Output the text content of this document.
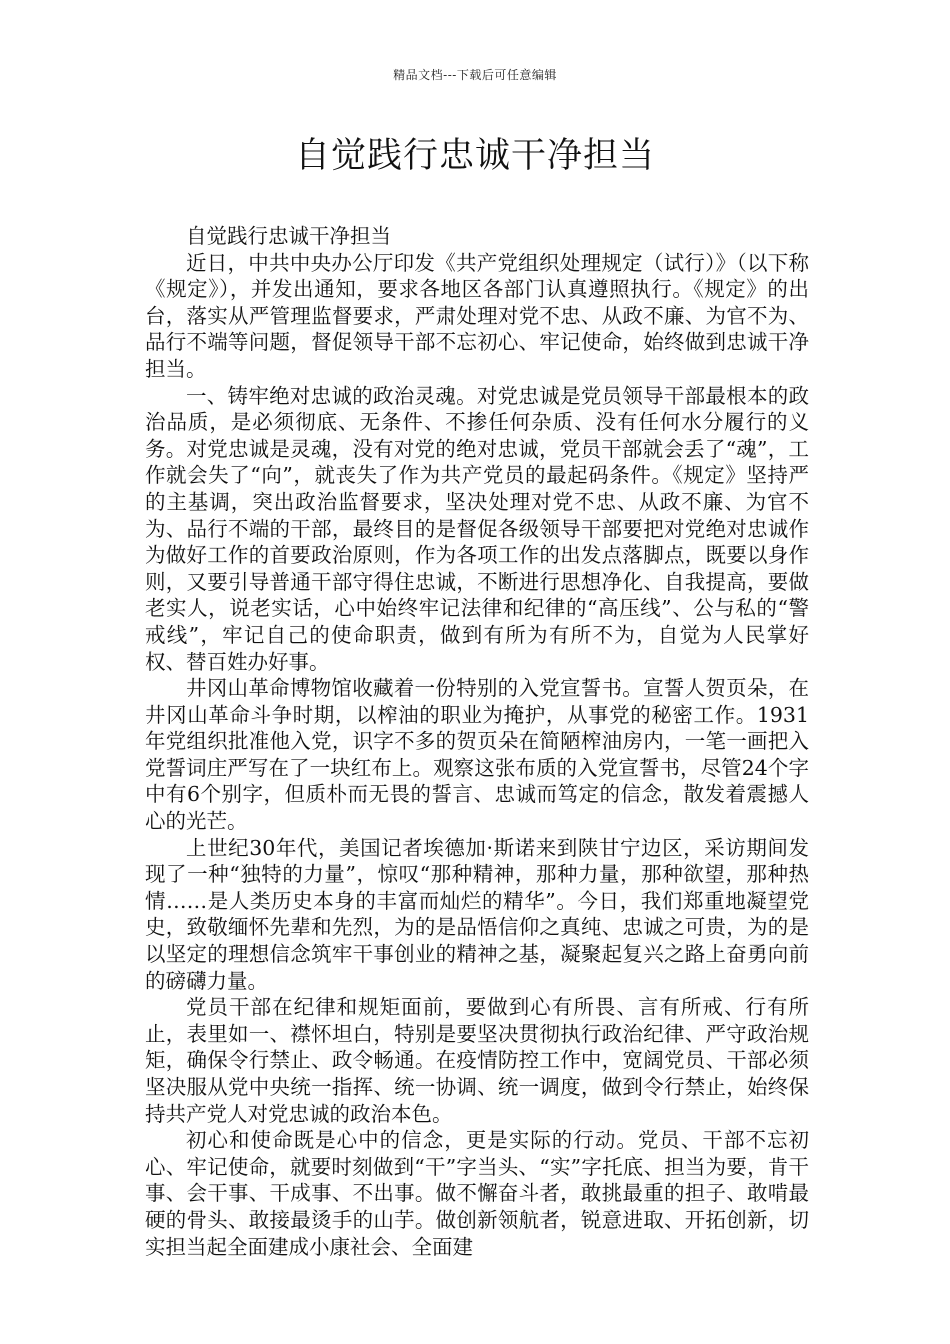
精品文档---下载后可任意编辑
自觉践行忠诚干净担当

自觉践行忠诚干净担当

近日，中共中央办公厅印发《共产党组织处理规定（试行）》（以下称《规定》），并发出通知，要求各地区各部门认真遵照执行。《规定》的出台，落实从严管理监督要求，严肃处理对党不忠、从政不廉、为官不为、品行不端等问题，督促领导干部不忘初心、牢记使命，始终做到忠诚干净担当。

一、铸牢绝对忠诚的政治灵魂。对党忠诚是党员领导干部最根本的政治品质，是必须彻底、无条件、不掺任何杂质、没有任何水分履行的义务。对党忠诚是灵魂，没有对党的绝对忠诚，党员干部就会丢了“魂”，工作就会失了“向”，就丧失了作为共产党员的最起码条件。《规定》坚持严的主基调，突出政治监督要求，坚决处理对党不忠、从政不廉、为官不为、品行不端的干部，最终目的是督促各级领导干部要把对党绝对忠诚作为做好工作的首要政治原则，作为各项工作的出发点落脚点，既要以身作则，又要引导普通干部守得住忠诚，不断进行思想净化、自我提高，要做老实人，说老实话，心中始终牢记法律和纪律的“高压线”、公与私的“警戒线”，牢记自己的使命职责，做到有所为有所不为，自觉为人民掌好权、替百姓办好事。

井冈山革命博物馆收藏着一份特别的入党宣誓书。宣誓人贺页朵，在井冈山革命斗争时期，以榨油的职业为掩护，从事党的秘密工作。1931年党组织批准他入党，识字不多的贺页朵在简陋榨油房内，一笔一画把入党誓词庄严写在了一块红布上。观察这张布质的入党宣誓书，尽管24个字中有6个别字，但质朴而无畏的誓言、忠诚而笃定的信念，散发着震撼人心的光芒。

上世纪30年代，美国记者埃德加·斯诺来到陕甘宁边区，采访期间发现了一种“独特的力量”，惊叹“那种精神，那种力量，那种欲望，那种热情……是人类历史本身的丰富而灿烂的精华”。今日，我们郑重地凝望党史，致敬缅怀先辈和先烈，为的是品悟信仰之真纯、忠诚之可贵，为的是以坚定的理想信念筑牢干事创业的精神之基，凝聚起复兴之路上奋勇向前的磅礴力量。

党员干部在纪律和规矩面前，要做到心有所畏、言有所戒、行有所止，表里如一、襟怀坦白，特别是要坚决贯彻执行政治纪律、严守政治规矩，确保令行禁止、政令畅通。在疫情防控工作中，宽阔党员、干部必须坚决服从党中央统一指挥、统一协调、统一调度，做到令行禁止，始终保持共产党人对党忠诚的政治本色。

初心和使命既是心中的信念，更是实际的行动。党员、干部不忘初心、牢记使命，就要时刻做到“干”字当头、“实”字托底、担当为要，肯干事、会干事、干成事、不出事。做不懈奋斗者，敢挑最重的担子、敢啃最硬的骨头、敢接最烫手的山芋。做创新领航者，锐意进取、开拓创新，切实担当起全面建成小康社会、全面建
